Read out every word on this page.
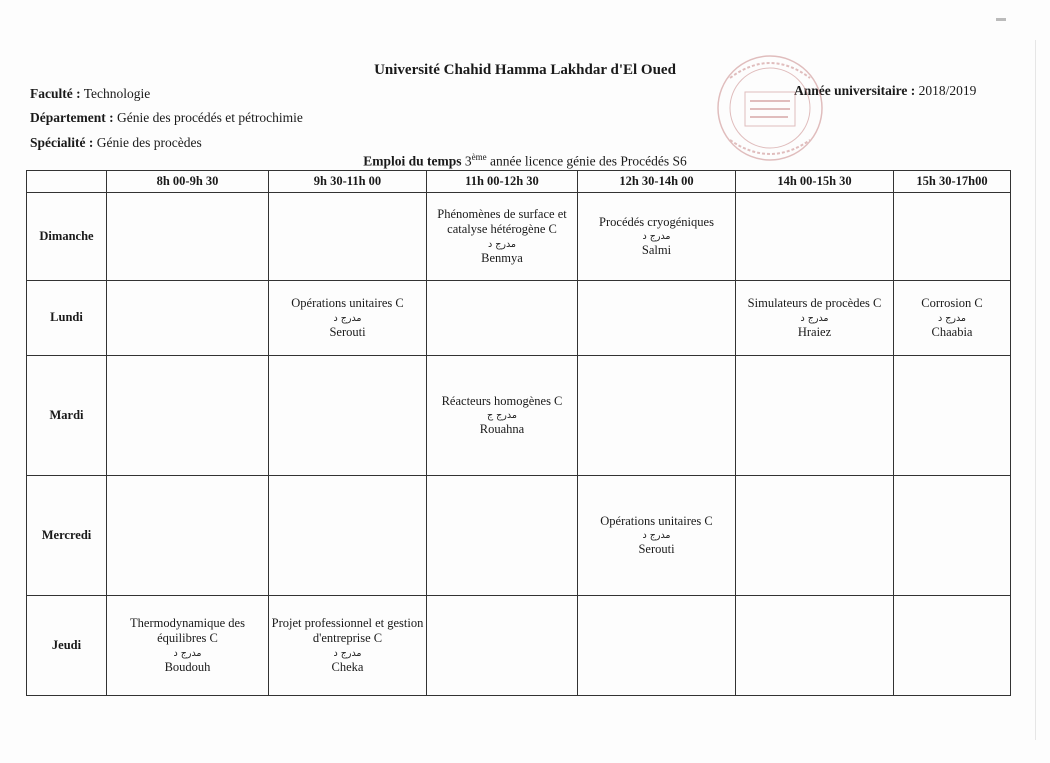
Université Chahid Hamma Lakhdar d'El Oued
Faculté : Technologie
Département : Génie des procédés et pétrochimie
Spécialité : Génie des procèdes
Année universitaire : 2018/2019
Emploi du temps 3ème année licence génie des Procédés S6
	8h 00-9h 30	9h 30-11h 00	11h 00-12h 30	12h 30-14h 00	14h 00-15h 30	15h 30-17h00
Dimanche			Phénomènes de surface et catalyse hétérogène C
مدرج د
Benmya	Procédés cryogéniques
مدرج د
Salmi		

Lundi		Opérations unitaires C
مدرج د
Serouti			Simulateurs de procèdes C
مدرج د
Hraiez	Corrosion C
مدرج د
Chaabia

Mardi			Réacteurs homogènes C
مدرج ج
Rouahna			

Mercredi				Opérations unitaires C
مدرج د
Serouti		

Jeudi	Thermodynamique des équilibres C
مدرج د
Boudouh	Projet professionnel et gestion d'entreprise C
مدرج د
Cheka				
